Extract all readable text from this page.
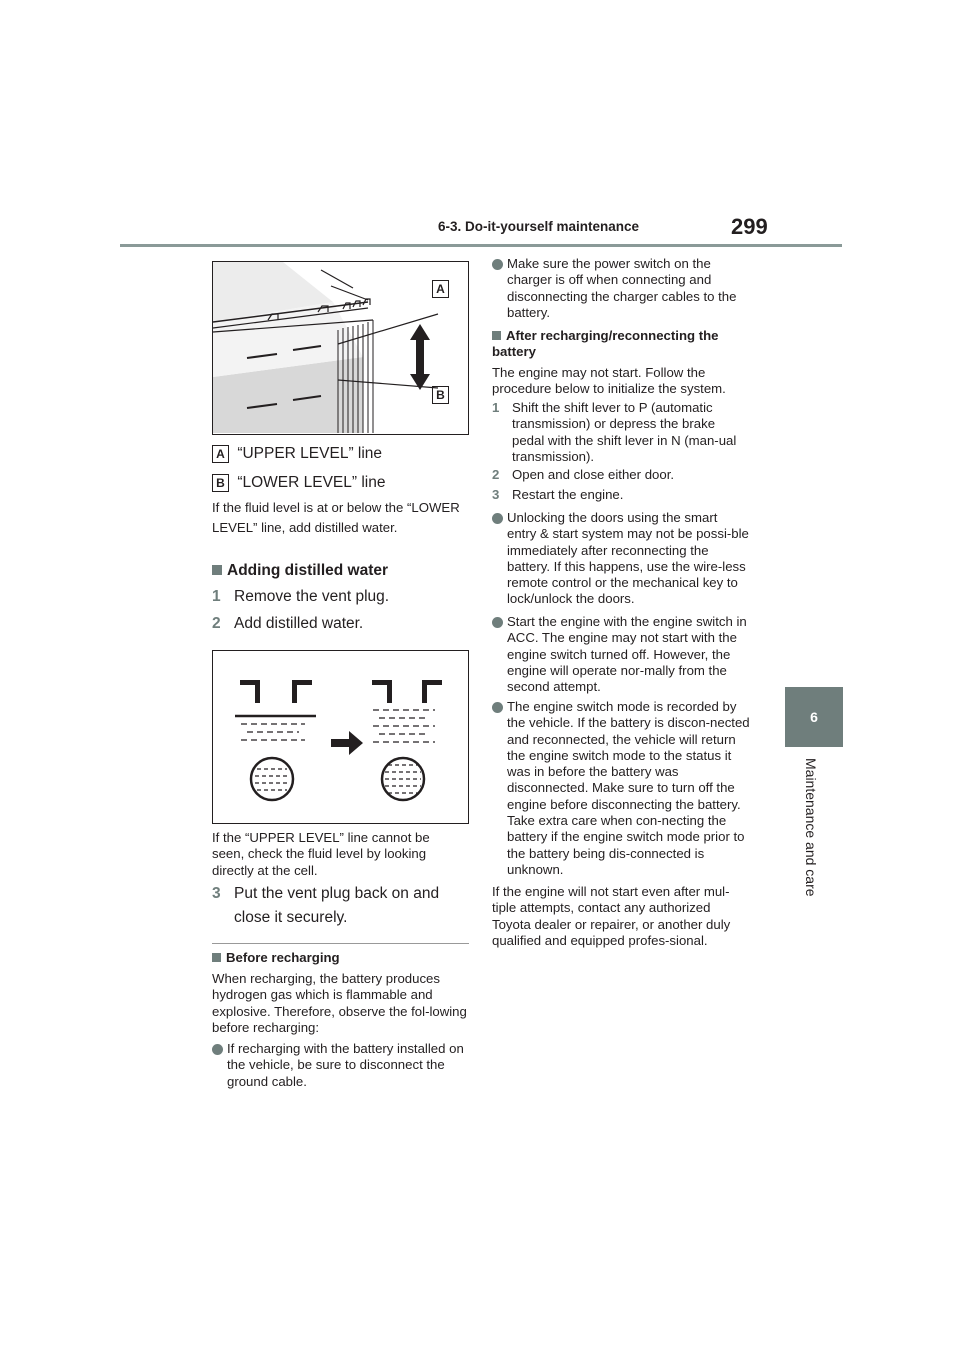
6-3. Do-it-yourself maintenance	299
6
Maintenance and care
A
B
A “UPPER LEVEL” line
B “LOWER LEVEL” line
If the fluid level is at or below the “LOWER LEVEL” line, add distilled water.
Adding distilled water
1 Remove the vent plug.
2 Add distilled water.
If the “UPPER LEVEL” line cannot be seen, check the fluid level by looking directly at the cell.
3 Put the vent plug back on and close it securely.
Before recharging
When recharging, the battery produces hydrogen gas which is flammable and explosive. Therefore, observe the fol-lowing before recharging:
If recharging with the battery installed on the vehicle, be sure to disconnect the ground cable.
Make sure the power switch on the charger is off when connecting and disconnecting the charger cables to the battery.
After recharging/reconnecting the battery
The engine may not start. Follow the procedure below to initialize the system.
1 Shift the shift lever to P (automatic transmission) or depress the brake pedal with the shift lever in N (man-ual transmission).
2 Open and close either door.
3 Restart the engine.
Unlocking the doors using the smart entry & start system may not be possi-ble immediately after reconnecting the battery. If this happens, use the wire-less remote control or the mechanical key to lock/unlock the doors.
Start the engine with the engine switch in ACC. The engine may not start with the engine switch turned off. However, the engine will operate nor-mally from the second attempt.
The engine switch mode is recorded by the vehicle. If the battery is discon-nected and reconnected, the vehicle will return the engine switch mode to the status it was in before the battery was disconnected. Make sure to turn off the engine before disconnecting the battery. Take extra care when con-necting the battery if the engine switch mode prior to the battery being dis-connected is unknown.
If the engine will not start even after mul-tiple attempts, contact any authorized Toyota dealer or repairer, or another duly qualified and equipped profes-sional.
